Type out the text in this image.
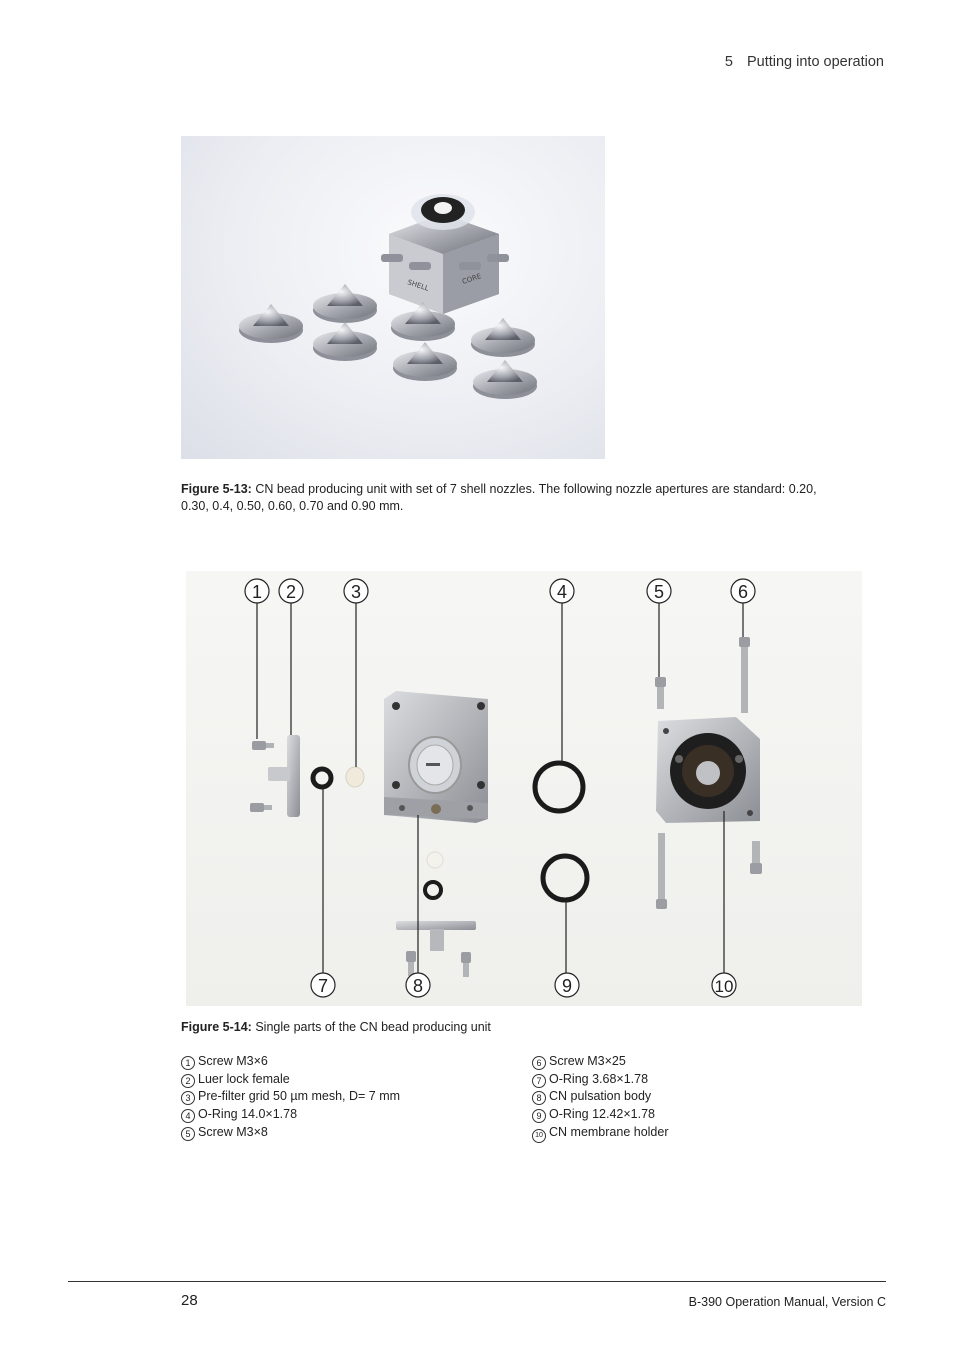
5 Putting into operation
SHELL	CORE
Figure 5-13: CN bead producing unit with set of 7 shell nozzles. The following nozzle apertures are standard: 0.20, 0.30, 0.4, 0.50, 0.60, 0.70 and 0.90 mm.
1 2	3	4	5	6
7	8	9	10
Figure 5-14: Single parts of the CN bead producing unit
1 Screw M3×6
2 Luer lock female
3 Pre-filter grid 50 µm mesh, D= 7 mm
4 O-Ring 14.0×1.78
5 Screw M3×8
6 Screw M3×25
7 O-Ring 3.68×1.78
8 CN pulsation body
9 O-Ring 12.42×1.78
10 CN membrane holder
28	B-390 Operation Manual, Version C
